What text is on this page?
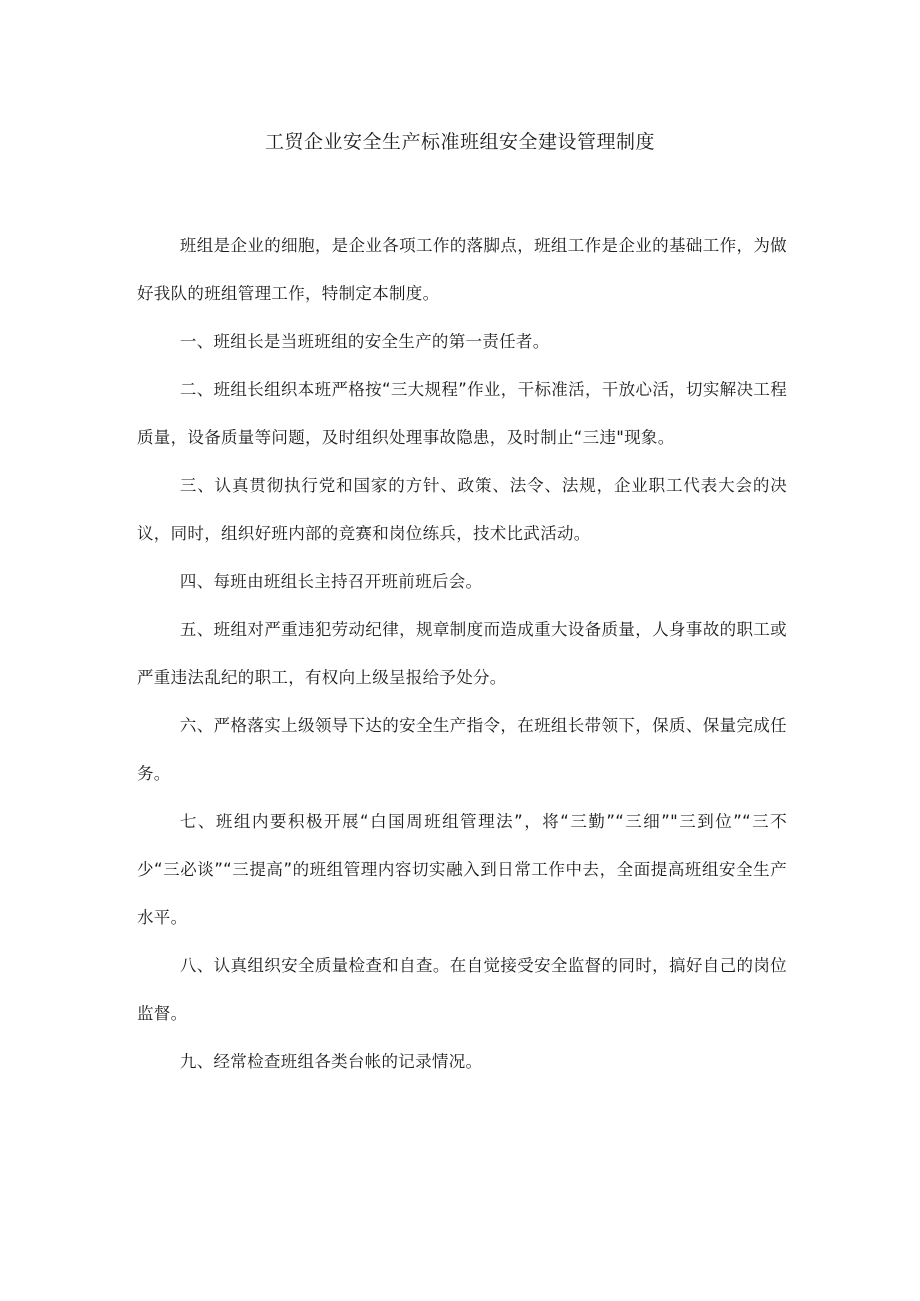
工贸企业安全生产标准班组安全建设管理制度

班组是企业的细胞，是企业各项工作的落脚点，班组工作是企业的基础工作，为做好我队的班组管理工作，特制定本制度。

一、班组长是当班班组的安全生产的第一责任者。

二、班组长组织本班严格按“三大规程”作业，干标准活，干放心活，切实解决工程质量，设备质量等问题，及时组织处理事故隐患，及时制止“三违"现象。

三、认真贯彻执行党和国家的方针、政策、法令、法规，企业职工代表大会的决议，同时，组织好班内部的竞赛和岗位练兵，技术比武活动。

四、每班由班组长主持召开班前班后会。

五、班组对严重违犯劳动纪律，规章制度而造成重大设备质量，人身事故的职工或严重违法乱纪的职工，有权向上级呈报给予处分。

六、严格落实上级领导下达的安全生产指令，在班组长带领下，保质、保量完成任务。

七、班组内要积极开展“白国周班组管理法”，将“三勤”“三细”"三到位”“三不少“三必谈”“三提高”的班组管理内容切实融入到日常工作中去，全面提高班组安全生产水平。

八、认真组织安全质量检查和自查。在自觉接受安全监督的同时，搞好自己的岗位监督。

九、经常检查班组各类台帐的记录情况。
